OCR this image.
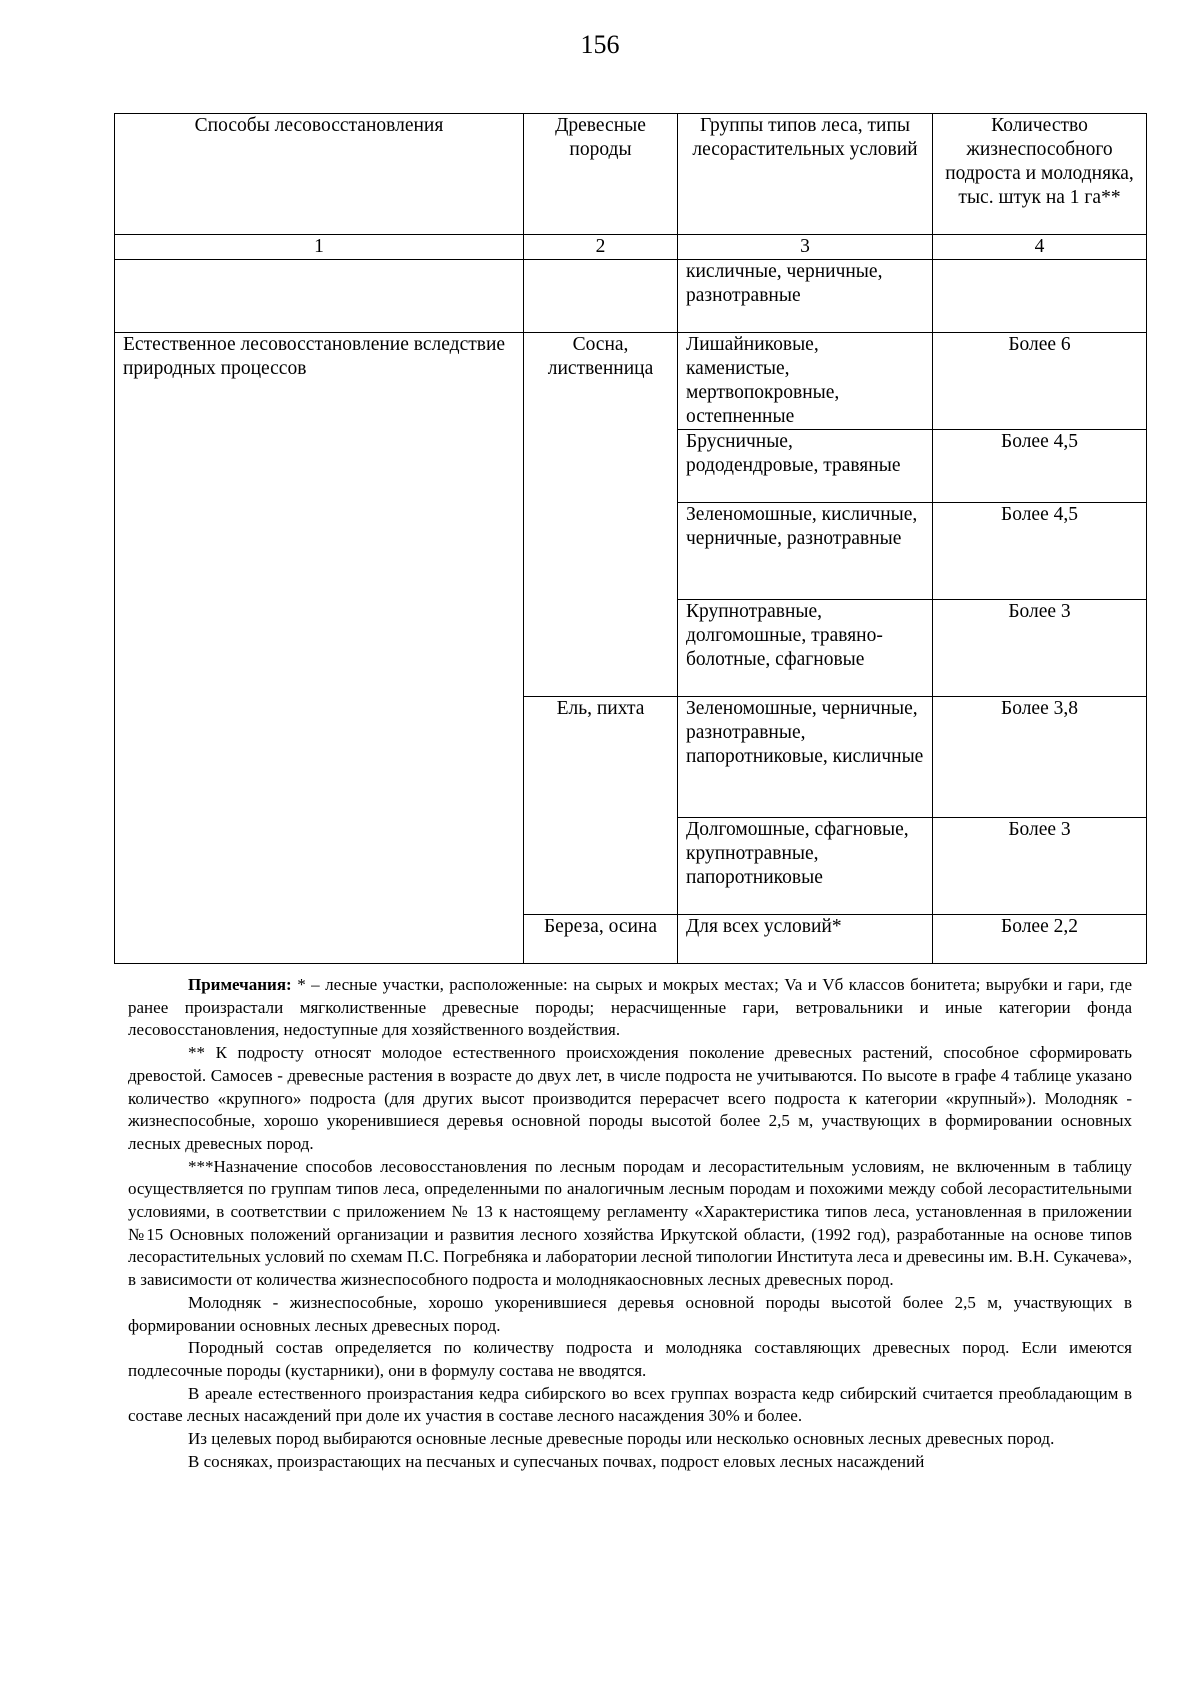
156
Способы лесовосстановления	Древесные породы	Группы типов леса, типы лесорастительных условий	Количество жизнеспособного подроста и молодняка, тыс. штук на 1 га**
1	2	3	4
		кисличные, черничные, разнотравные	
Естественное лесовосстановление вследствие природных процессов	Сосна, лиственница	Лишайниковые, каменистые, мертвопокровные, остепненные	Более 6
		Брусничные, рододендровые, травяные	Более 4,5
		Зеленомошные, кисличные, черничные, разнотравные	Более 4,5
		Крупнотравные, долгомошные, травяно-болотные, сфагновые	Более 3
	Ель, пихта	Зеленомошные, черничные, разнотравные, папоротниковые, кисличные	Более 3,8
		Долгомошные, сфагновые, крупнотравные, папоротниковые	Более 3
	Береза, осина	Для всех условий*	Более 2,2

Примечания: * – лесные участки, расположенные: на сырых и мокрых местах; Va и Vб классов бонитета; вырубки и гари, где ранее произрастали мягколиственные древесные породы; нерасчищенные гари, ветровальники и иные категории фонда лесовосстановления, недоступные для хозяйственного воздействия.

** К подросту относят молодое естественного происхождения поколение древесных растений, способное сформировать древостой. Самосев - древесные растения в возрасте до двух лет, в числе подроста не учитываются. По высоте в графе 4 таблице указано количество «крупного» подроста (для других высот производится перерасчет всего подроста к категории «крупный»). Молодняк - жизнеспособные, хорошо укоренившиеся деревья основной породы высотой более 2,5 м, участвующих в формировании основных лесных древесных пород.

***Назначение способов лесовосстановления по лесным породам и лесорастительным условиям, не включенным в таблицу осуществляется по группам типов леса, определенными по аналогичным лесным породам и похожими между собой лесорастительными условиями, в соответствии с приложением № 13 к настоящему регламенту «Характеристика типов леса, установленная в приложении №15 Основных положений организации и развития лесного хозяйства Иркутской области, (1992 год), разработанные на основе типов лесорастительных условий по схемам П.С. Погребняка и лаборатории лесной типологии Института леса и древесины им. В.Н. Сукачева», в зависимости от количества жизнеспособного подроста и молоднякаосновных лесных древесных пород.

Молодняк - жизнеспособные, хорошо укоренившиеся деревья основной породы высотой более 2,5 м, участвующих в формировании основных лесных древесных пород.

Породный состав определяется по количеству подроста и молодняка составляющих древесных пород. Если имеются подлесочные породы (кустарники), они в формулу состава не вводятся.

В ареале естественного произрастания кедра сибирского во всех группах возраста кедр сибирский считается преобладающим в составе лесных насаждений при доле их участия в составе лесного насаждения 30% и более.

Из целевых пород выбираются основные лесные древесные породы или несколько основных лесных древесных пород.

В сосняках, произрастающих на песчаных и супесчаных почвах, подрост еловых лесных насаждений
